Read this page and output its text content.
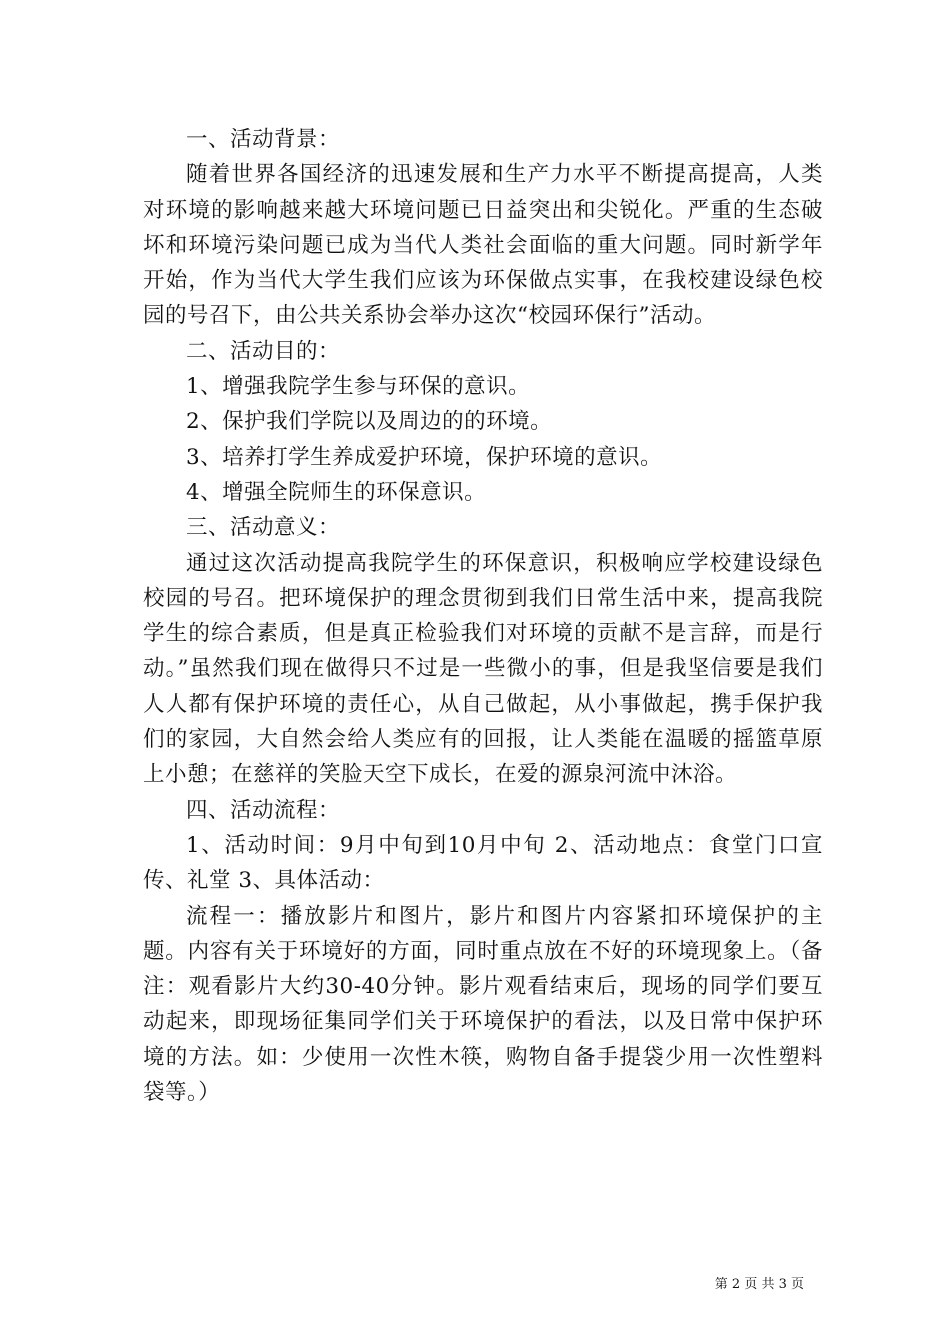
一、活动背景：

随着世界各国经济的迅速发展和生产力水平不断提高提高，人类对环境的影响越来越大环境问题已日益突出和尖锐化。严重的生态破坏和环境污染问题已成为当代人类社会面临的重大问题。同时新学年开始，作为当代大学生我们应该为环保做点实事，在我校建设绿色校园的号召下，由公共关系协会举办这次“校园环保行”活动。

二、活动目的：

1、增强我院学生参与环保的意识。

2、保护我们学院以及周边的的环境。

3、培养打学生养成爱护环境，保护环境的意识。

4、增强全院师生的环保意识。

三、活动意义：

通过这次活动提高我院学生的环保意识，积极响应学校建设绿色校园的号召。把环境保护的理念贯彻到我们日常生活中来，提高我院学生的综合素质，但是真正检验我们对环境的贡献不是言辞，而是行动。”虽然我们现在做得只不过是一些微小的事，但是我坚信要是我们人人都有保护环境的责任心，从自己做起，从小事做起，携手保护我们的家园，大自然会给人类应有的回报，让人类能在温暖的摇篮草原上小憩；在慈祥的笑脸天空下成长，在爱的源泉河流中沐浴。

四、活动流程：

1、活动时间：9月中旬到10月中旬 2、活动地点：食堂门口宣传、礼堂 3、具体活动：

流程一：播放影片和图片，影片和图片内容紧扣环境保护的主题。内容有关于环境好的方面，同时重点放在不好的环境现象上。（备注：观看影片大约30-40分钟。影片观看结束后，现场的同学们要互动起来，即现场征集同学们关于环境保护的看法，以及日常中保护环境的方法。如：少使用一次性木筷，购物自备手提袋少用一次性塑料袋等。）

第 2 页 共 3 页
